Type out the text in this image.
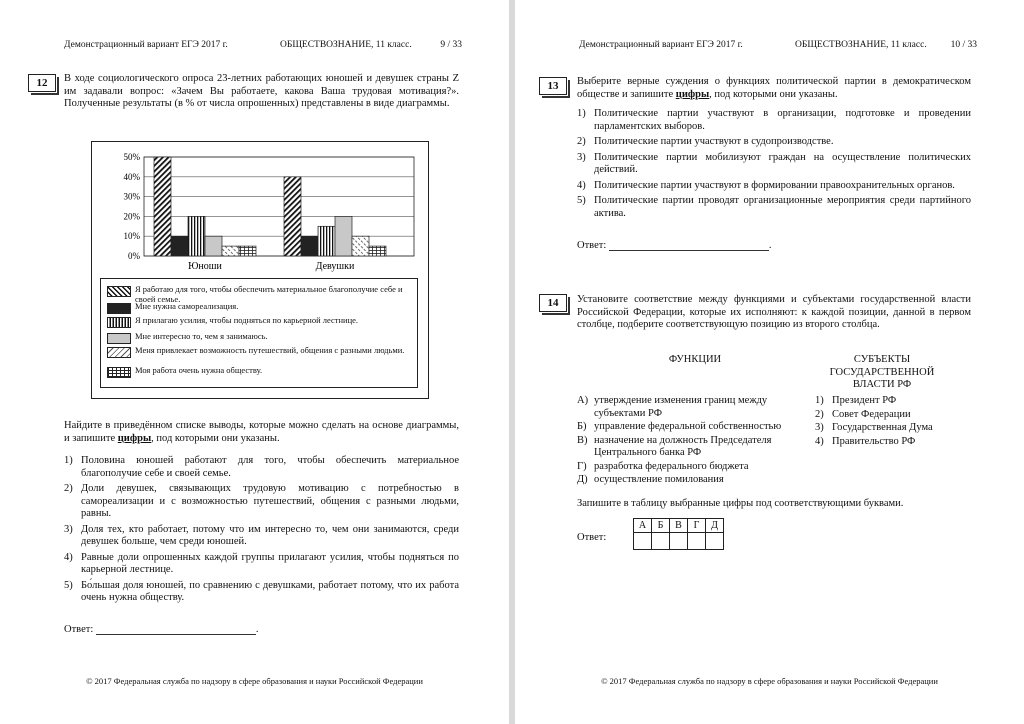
Демонстрационный вариант ЕГЭ 2017 г.	ОБЩЕСТВОЗНАНИЕ, 11 класс.	9 / 33
12	В ходе социологического опроса 23-летних работающих юношей и девушек страны Z им задавали вопрос: «Зачем Вы работаете, какова Ваша трудовая мотивация?». Полученные результаты (в % от числа опрошенных) представлены в виде диаграммы.
0%
10%
20%
30%
40%
50%
Юноши	Девушки
Я работаю для того, чтобы обеспечить материальное благополучие себе и своей семье.
Мне нужна самореализация.
Я прилагаю усилия, чтобы подняться по карьерной лестнице.
Мне интересно то, чем я занимаюсь.
Меня привлекает возможность путешествий, общения с разными людьми.
Моя работа очень нужна обществу.
Найдите в приведённом списке выводы, которые можно сделать на основе диаграммы, и запишите цифры, под которыми они указаны.
1) Половина юношей работают для того, чтобы обеспечить материальное благополучие себе и своей семье.
2) Доли девушек, связывающих трудовую мотивацию с потребностью в самореализации и с возможностью путешествий, общения с разными людьми, равны.
3) Доля тех, кто работает, потому что им интересно то, чем они занимаются, среди девушек больше, чем среди юношей.
4) Равные доли опрошенных каждой группы прилагают усилия, чтобы подняться по карьерной лестнице.
5) Бо́льшая доля юношей, по сравнению с девушками, работает потому, что их работа очень нужна обществу.
Ответ:	.
© 2017 Федеральная служба по надзору в сфере образования и науки Российской Федерации
Демонстрационный вариант ЕГЭ 2017 г.	ОБЩЕСТВОЗНАНИЕ, 11 класс.	10 / 33
13	Выберите верные суждения о функциях политической партии в демократическом обществе и запишите цифры, под которыми они указаны.
1) Политические партии участвуют в организации, подготовке и проведении парламентских выборов.
2) Политические партии участвуют в судопроизводстве.
3) Политические партии мобилизуют граждан на осуществление политических действий.
4) Политические партии участвуют в формировании правоохранительных органов.
5) Политические партии проводят организационные мероприятия среди партийного актива.
Ответ:	.
14	Установите соответствие между функциями и субъектами государственной власти Российской Федерации, которые их исполняют: к каждой позиции, данной в первом столбце, подберите соответствующую позицию из второго столбца.
ФУНКЦИИ	СУБЪЕКТЫ ГОСУДАРСТВЕННОЙ ВЛАСТИ РФ
А) утверждение изменения границ между субъектами РФ
Б) управление федеральной собственностью
В) назначение на должность Председателя Центрального банка РФ
Г) разработка федерального бюджета
Д) осуществление помилования
1) Президент РФ
2) Совет Федерации
3) Государственная Дума
4) Правительство РФ
Запишите в таблицу выбранные цифры под соответствующими буквами.
Ответ:
	А	Б	В	Г	Д

© 2017 Федеральная служба по надзору в сфере образования и науки Российской Федерации
